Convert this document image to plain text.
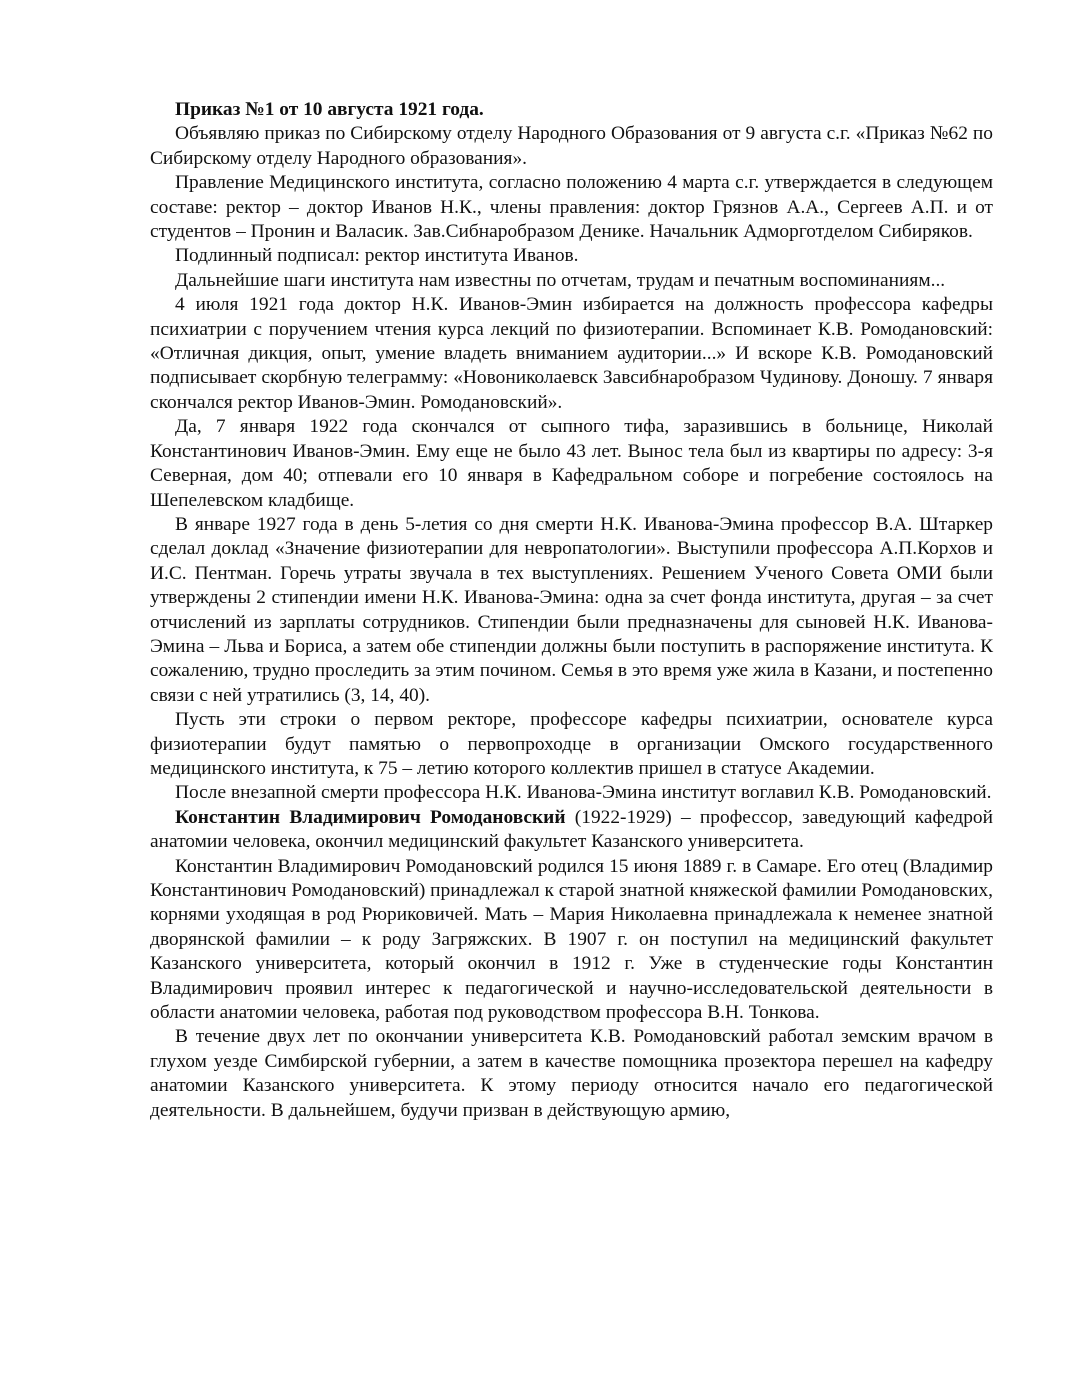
Приказ №1 от 10 августа 1921 года.

Объявляю приказ по Сибирскому отделу Народного Образования от 9 августа с.г. «Приказ №62 по Сибирскому отделу Народного образования».

Правление Медицинского института, согласно положению 4 марта с.г. утверждается в следующем составе: ректор – доктор Иванов Н.К., члены правления: доктор Грязнов А.А., Сергеев А.П. и от студентов – Пронин и Валасик. Зав.Сибнаробразом Денике. Начальник Адморготделом Сибиряков.

Подлинный подписал: ректор института Иванов.

Дальнейшие шаги института нам известны по отчетам, трудам и печатным воспоминаниям...

4 июля 1921 года доктор Н.К. Иванов-Эмин избирается на должность профессора кафедры психиатрии с поручением чтения курса лекций по физиотерапии. Вспоминает К.В. Ромодановский: «Отличная дикция, опыт, умение владеть вниманием аудитории...» И вскоре К.В. Ромодановский подписывает скорбную телеграмму: «Новониколаевск Завсибнаробразом Чудинову. Доношу. 7 января скончался ректор Иванов-Эмин. Ромодановский».

Да, 7 января 1922 года скончался от сыпного тифа, заразившись в больнице, Николай Константинович Иванов-Эмин. Ему еще не было 43 лет. Вынос тела был из квартиры по адресу: 3-я Северная, дом 40; отпевали его 10 января в Кафедральном соборе и погребение состоялось на Шепелевском кладбище.

В январе 1927 года в день 5-летия со дня смерти Н.К. Иванова-Эмина профессор В.А. Штаркер сделал доклад «Значение физиотерапии для невропатологии». Выступили профессора А.П.Корхов и И.С. Пентман. Горечь утраты звучала в тех выступлениях. Решением Ученого Совета ОМИ были утверждены 2 стипендии имени Н.К. Иванова-Эмина: одна за счет фонда института, другая – за счет отчислений из зарплаты сотрудников. Стипендии были предназначены для сыновей Н.К. Иванова-Эмина – Льва и Бориса, а затем обе стипендии должны были поступить в распоряжение института. К сожалению, трудно проследить за этим почином. Семья в это время уже жила в Казани, и постепенно связи с ней утратились (3, 14, 40).

Пусть эти строки о первом ректоре, профессоре кафедры психиатрии, основателе курса физиотерапии будут памятью о первопроходце в организации Омского государственного медицинского института, к 75 – летию которого коллектив пришел в статусе Академии.

После внезапной смерти профессора Н.К. Иванова-Эмина институт воглавил К.В. Ромодановский.

Константин Владимирович Ромодановский (1922-1929) – профессор, заведующий кафедрой анатомии человека, окончил медицинский факультет Казанского университета.

Константин Владимирович Ромодановский родился 15 июня 1889 г. в Самаре. Его отец (Владимир Константинович Ромодановский) принадлежал к старой знатной княжеской фамилии Ромодановских, корнями уходящая в род Рюриковичей. Мать – Мария Николаевна принадлежала к неменее знатной дворянской фамилии – к роду Загряжских. В 1907 г. он поступил на медицинский факультет Казанского университета, который окончил в 1912 г. Уже в студенческие годы Константин Владимирович проявил интерес к педагогической и научно-исследовательской деятельности в области анатомии человека, работая под руководством профессора В.Н. Тонкова.

В течение двух лет по окончании университета К.В. Ромодановский работал земским врачом в глухом уезде Симбирской губернии, а затем в качестве помощника прозектора перешел на кафедру анатомии Казанского университета. К этому периоду относится начало его педагогической деятельности. В дальнейшем, будучи призван в действующую армию,
